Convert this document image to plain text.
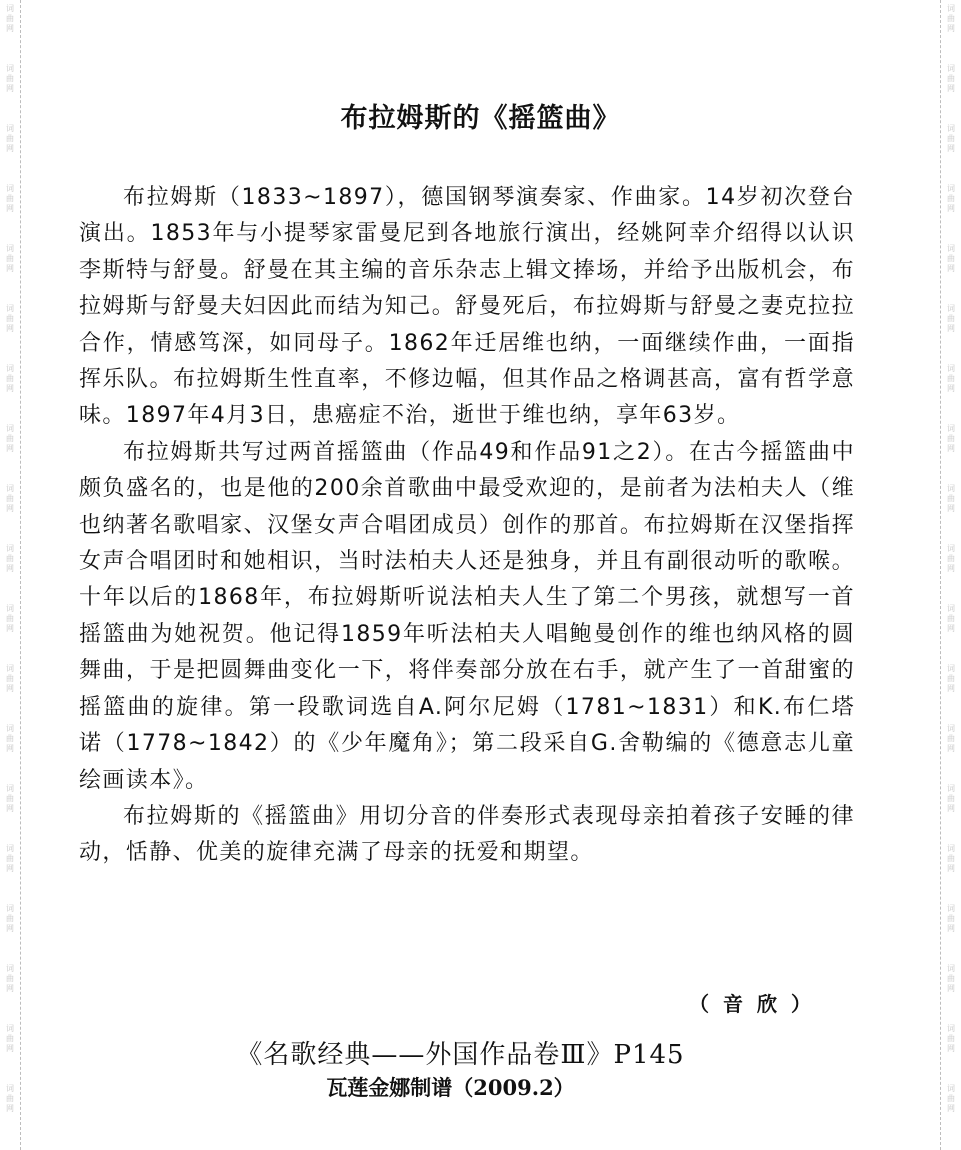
词
曲
网
词
曲
网
词
曲
网
词
曲
网
词
曲
网
词
曲
网
词
曲
网
词
曲
网
词
曲
网
词
曲
网
词
曲
网
词
曲
网
词
曲
网
词
曲
网
词
曲
网
词
曲
网
词
曲
网
词
曲
网
词
曲
网
词
曲
网
词
曲
网
词
曲
网
词
曲
网
词
曲
网
词
曲
网
词
曲
网
词
曲
网
词
曲
网
词
曲
网
词
曲
网
词
曲
网
词
曲
网
词
曲
网
词
曲
网
词
曲
网
词
曲
网
词
曲
网
词
曲
网
布拉姆斯的《摇篮曲》

布拉姆斯（1833~1897），德国钢琴演奏家、作曲家。14岁初次登台演出。1853年与小提琴家雷曼尼到各地旅行演出，经姚阿幸介绍得以认识李斯特与舒曼。舒曼在其主编的音乐杂志上辑文捧场，并给予出版机会，布拉姆斯与舒曼夫妇因此而结为知己。舒曼死后，布拉姆斯与舒曼之妻克拉拉合作，情感笃深，如同母子。1862年迁居维也纳，一面继续作曲，一面指挥乐队。布拉姆斯生性直率，不修边幅，但其作品之格调甚高，富有哲学意味。1897年4月3日，患癌症不治，逝世于维也纳，享年63岁。

布拉姆斯共写过两首摇篮曲（作品49和作品91之2）。在古今摇篮曲中颇负盛名的，也是他的200余首歌曲中最受欢迎的，是前者为法柏夫人（维也纳著名歌唱家、汉堡女声合唱团成员）创作的那首。布拉姆斯在汉堡指挥女声合唱团时和她相识，当时法柏夫人还是独身，并且有副很动听的歌喉。十年以后的1868年，布拉姆斯听说法柏夫人生了第二个男孩，就想写一首摇篮曲为她祝贺。他记得1859年听法柏夫人唱鲍曼创作的维也纳风格的圆舞曲，于是把圆舞曲变化一下，将伴奏部分放在右手，就产生了一首甜蜜的摇篮曲的旋律。第一段歌词选自A.阿尔尼姆（1781~1831）和K.布仁塔诺（1778~1842）的《少年魔角》；第二段采自G.舍勒编的《德意志儿童绘画读本》。

布拉姆斯的《摇篮曲》用切分音的伴奏形式表现母亲拍着孩子安睡的律动，恬静、优美的旋律充满了母亲的抚爱和期望。

（音欣）
《名歌经典——外国作品卷Ⅲ》P145
瓦莲金娜制谱（2009.2）
